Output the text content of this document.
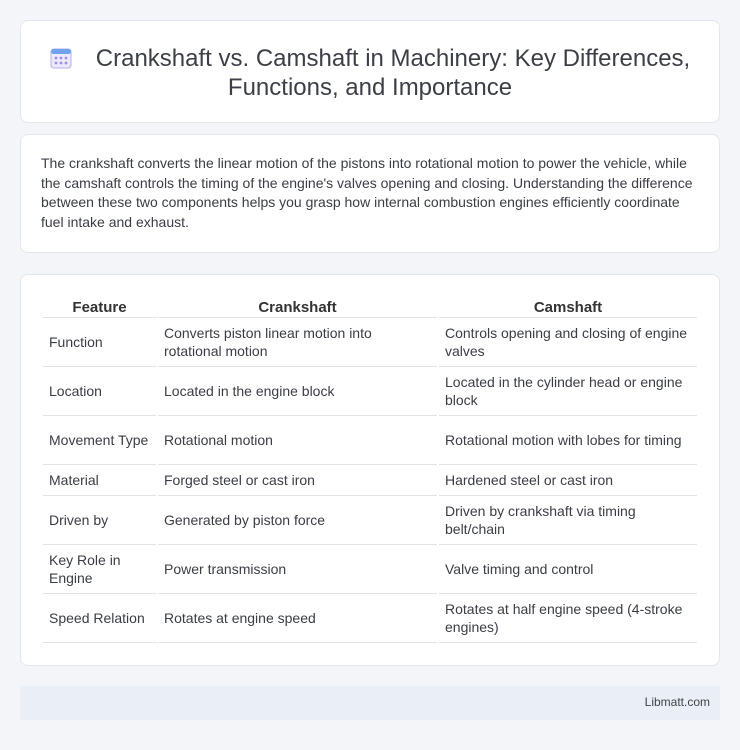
Crankshaft vs. Camshaft in Machinery: Key Differences, Functions, and Importance

The crankshaft converts the linear motion of the pistons into rotational motion to power the vehicle, while the camshaft controls the timing of the engine's valves opening and closing. Understanding the difference between these two components helps you grasp how internal combustion engines efficiently coordinate fuel intake and exhaust.

Feature	Crankshaft	Camshaft
Function	Converts piston linear motion into rotational motion	Controls opening and closing of engine valves
Location	Located in the engine block	Located in the cylinder head or engine block
Movement Type	Rotational motion	Rotational motion with lobes for timing
Material	Forged steel or cast iron	Hardened steel or cast iron
Driven by	Generated by piston force	Driven by crankshaft via timing belt/chain
Key Role in Engine	Power transmission	Valve timing and control
Speed Relation	Rotates at engine speed	Rotates at half engine speed (4-stroke engines)
Libmatt.com
